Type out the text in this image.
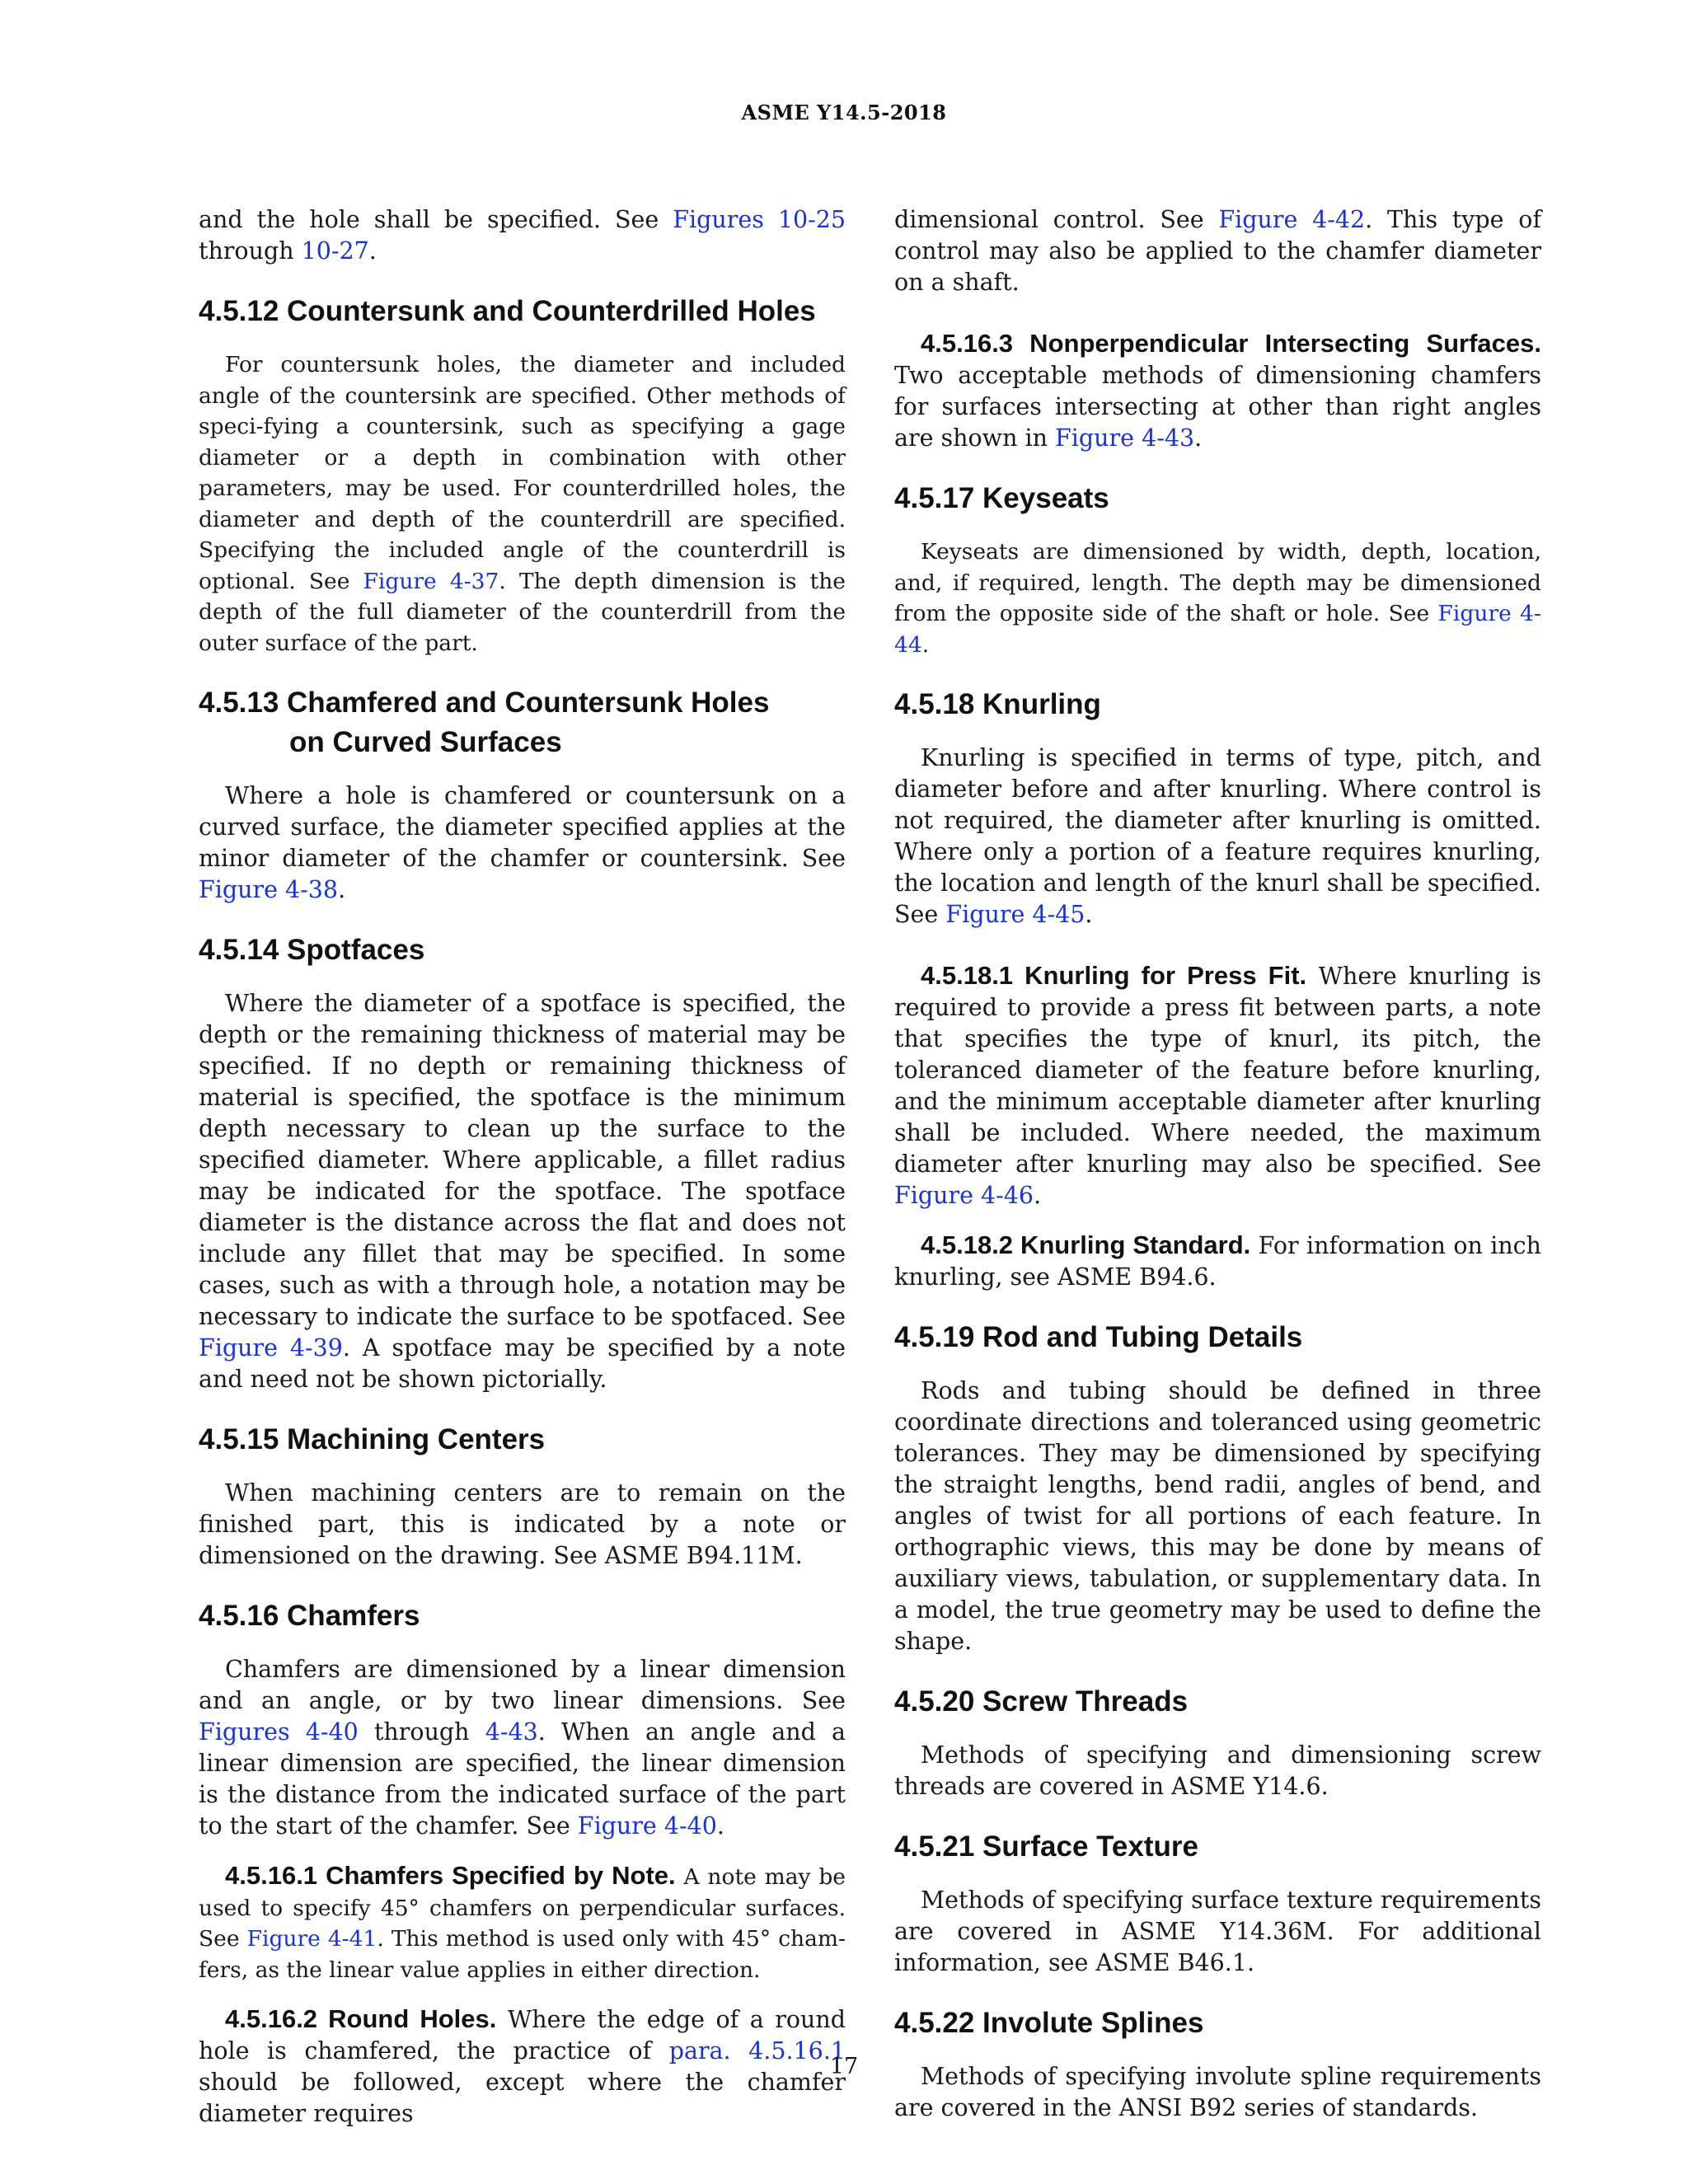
ASME Y14.5-2018

and the hole shall be specified. See Figures 10-25 through 10-27.

4.5.12 Countersunk and Counterdrilled Holes

For countersunk holes, the diameter and included angle of the countersink are specified. Other methods of speci-fying a countersink, such as specifying a gage diameter or a depth in combination with other parameters, may be used. For counterdrilled holes, the diameter and depth of the counterdrill are specified. Specifying the included angle of the counterdrill is optional. See Figure 4-37. The depth dimension is the depth of the full diameter of the counterdrill from the outer surface of the part.

4.5.13 Chamfered and Countersunk Holes
on Curved Surfaces

Where a hole is chamfered or countersunk on a curved surface, the diameter specified applies at the minor diameter of the chamfer or countersink. See Figure 4-38.

4.5.14 Spotfaces

Where the diameter of a spotface is specified, the depth or the remaining thickness of material may be specified. If no depth or remaining thickness of material is specified, the spotface is the minimum depth necessary to clean up the surface to the specified diameter. Where applicable, a fillet radius may be indicated for the spotface. The spotface diameter is the distance across the flat and does not include any fillet that may be specified. In some cases, such as with a through hole, a notation may be necessary to indicate the surface to be spotfaced. See Figure 4-39. A spotface may be specified by a note and need not be shown pictorially.

4.5.15 Machining Centers

When machining centers are to remain on the finished part, this is indicated by a note or dimensioned on the drawing. See ASME B94.11M.

4.5.16 Chamfers

Chamfers are dimensioned by a linear dimension and an angle, or by two linear dimensions. See Figures 4-40 through 4-43. When an angle and a linear dimension are specified, the linear dimension is the distance from the indicated surface of the part to the start of the chamfer. See Figure 4-40.

4.5.16.1 Chamfers Specified by Note. A note may be used to specify 45° chamfers on perpendicular surfaces. See Figure 4-41. This method is used only with 45° cham-fers, as the linear value applies in either direction.

4.5.16.2 Round Holes. Where the edge of a round hole is chamfered, the practice of para. 4.5.16.1 should be followed, except where the chamfer diameter requires

dimensional control. See Figure 4-42. This type of control may also be applied to the chamfer diameter on a shaft.

4.5.16.3 Nonperpendicular Intersecting Surfaces. Two acceptable methods of dimensioning chamfers for surfaces intersecting at other than right angles are shown in Figure 4-43.

4.5.17 Keyseats

Keyseats are dimensioned by width, depth, location, and, if required, length. The depth may be dimensioned from the opposite side of the shaft or hole. See Figure 4-44.

4.5.18 Knurling

Knurling is specified in terms of type, pitch, and diameter before and after knurling. Where control is not required, the diameter after knurling is omitted. Where only a portion of a feature requires knurling, the location and length of the knurl shall be specified. See Figure 4-45.

4.5.18.1 Knurling for Press Fit. Where knurling is required to provide a press fit between parts, a note that specifies the type of knurl, its pitch, the toleranced diameter of the feature before knurling, and the minimum acceptable diameter after knurling shall be included. Where needed, the maximum diameter after knurling may also be specified. See Figure 4-46.

4.5.18.2 Knurling Standard. For information on inch knurling, see ASME B94.6.

4.5.19 Rod and Tubing Details

Rods and tubing should be defined in three coordinate directions and toleranced using geometric tolerances. They may be dimensioned by specifying the straight lengths, bend radii, angles of bend, and angles of twist for all portions of each feature. In orthographic views, this may be done by means of auxiliary views, tabulation, or supplementary data. In a model, the true geometry may be used to define the shape.

4.5.20 Screw Threads

Methods of specifying and dimensioning screw threads are covered in ASME Y14.6.

4.5.21 Surface Texture

Methods of specifying surface texture requirements are covered in ASME Y14.36M. For additional information, see ASME B46.1.

4.5.22 Involute Splines

Methods of specifying involute spline requirements are covered in the ANSI B92 series of standards.

17
